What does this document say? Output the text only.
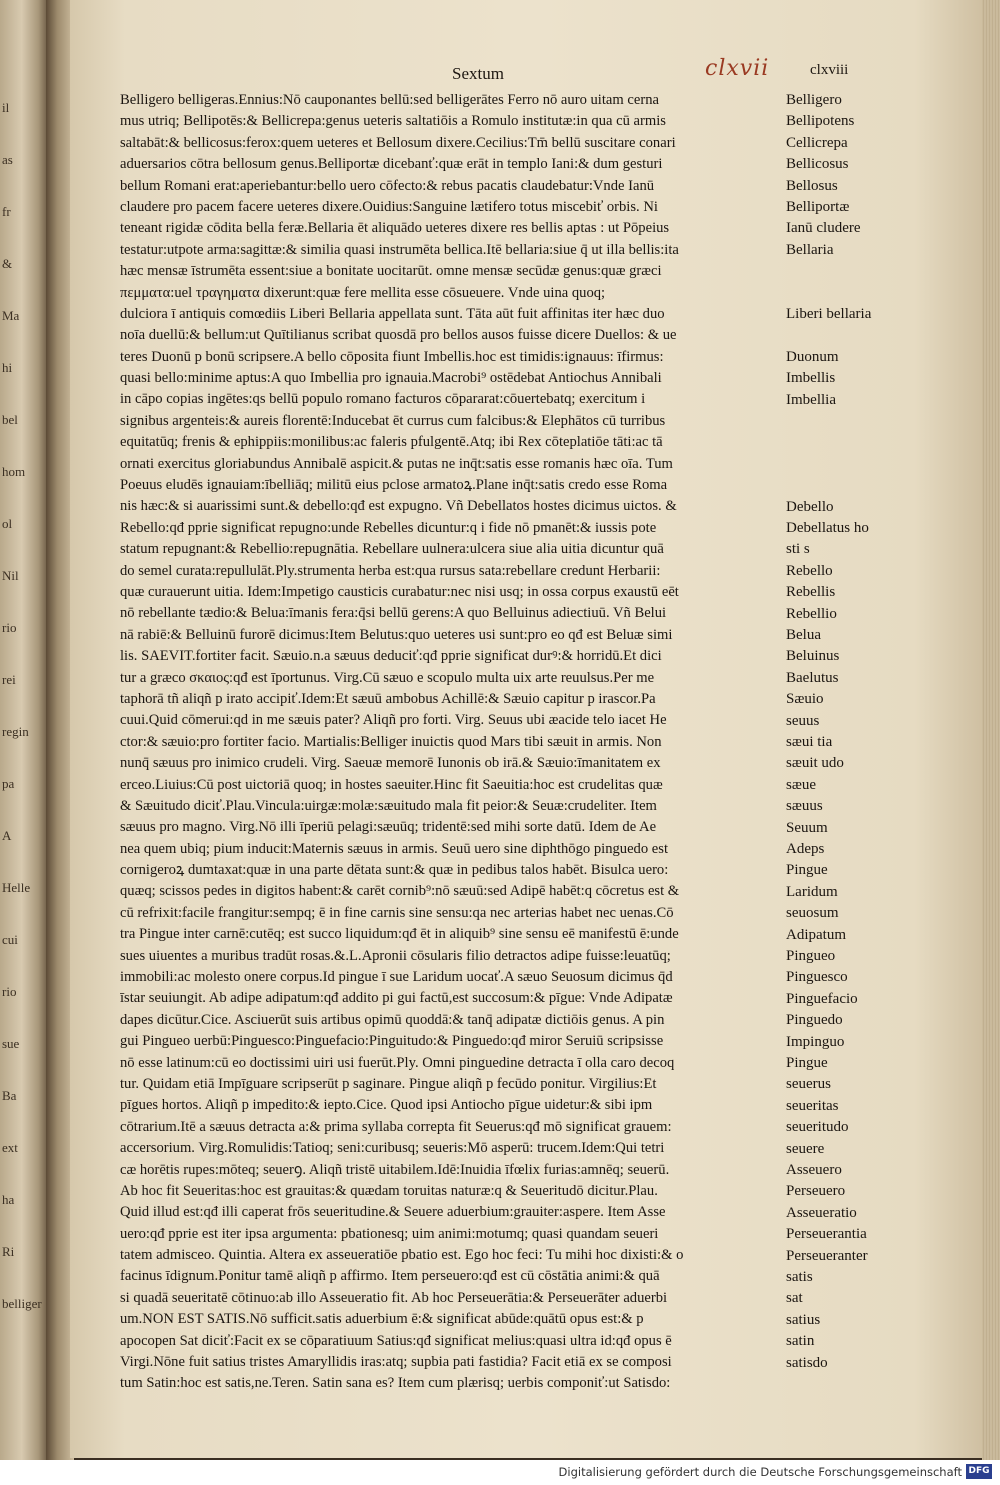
il
as
fr
&
Ma
hi
bel
hom
ol
Nil
rio
rei
regin
pa
A
Helle
cui
rio
sue
Ba
ext
ha
Ri
belliger
Sextum	clxvii	clxviii
Belligero belligeras.Ennius:Nō cauponantes bellū:sed belligerātes Ferro nō auro uitam cerna
mus utriq; Bellipotēs:& Bellicrepa:genus ueteris saltatiōis a Romulo institutæ:in qua cū armis
saltabāt:& bellicosus:ferox:quem ueteres et Bellosum dixere.Cecilius:Tm̄ bellū suscitare conari
aduersarios cōtra bellosum genus.Belliportæ dicebanť:quæ erāt in templo Iani:& dum gesturi
bellum Romani erat:aperiebantur:bello uero cōfecto:& rebus pacatis claudebatur:Vnde Ianū
claudere pro pacem facere ueteres dixere.Ouidius:Sanguine lætifero totus miscebiť orbis. Ni
teneant rigidæ cōdita bella feræ.Bellaria ēt aliquādo ueteres dixere res bellis aptas : ut Pōpeius
testatur:utpote arma:sagittæ:& similia quasi instrumēta bellica.Itē bellaria:siue q̄ ut illa bellis:ita
hæc mensæ īstrumēta essent:siue a bonitate uocitarūt. omne mensæ secūdæ genus:quæ græci
πεμματα:uel τραγηματα dixerunt:quæ fere mellita esse cōsueuere. Vnde uina quoq;
dulciora ī antiquis comœdiis Liberi Bellaria appellata sunt. Tāta aūt fuit affinitas iter hæc duo
noīa duellū:& bellum:ut Quītilianus scribat quosdā pro bellos ausos fuisse dicere Duellos: & ue
teres Duonū p bonū scripsere.A bello cōposita fiunt Imbellis.hoc est timidis:ignauus: īfirmus:
quasi bello:minime aptus:A quo Imbellia pro ignauia.Macrobi⁹ ostēdebat Antiochus Annibali
in cāpo copias ingētes:qs bellū populo romano facturos cōpararat:cōuertebatq; exercitum i
signibus argenteis:& aureis florentē:Inducebat ēt currus cum falcibus:& Elephātos cū turribus
equitatūq; frenis & ephippiis:monilibus:ac faleris pfulgentē.Atq; ibi Rex cōteplatiōe tāti:ac tā
ornati exercitus gloriabundus Annibalē aspicit.& putas ne inq̄t:satis esse romanis hæc oīa. Tum
Poeuus eludēs ignauiam:ībelliāq; militū eius pclose armatoꝝ.Plane inq̄t:satis credo esse Roma
nis hæc:& si auarissimi sunt.& debello:qđ est expugno. Vñ Debellatos hostes dicimus uictos. &
Rebello:qđ pprie significat repugno:unde Rebelles dicuntur:q i fide nō pmanēt:& iussis pote
statum repugnant:& Rebellio:repugnātia. Rebellare uulnera:ulcera siue alia uitia dicuntur quā
do semel curata:repullulāt.Ply.strumenta herba est:qua rursus sata:rebellare credunt Herbarii:
quæ curauerunt uitia. Idem:Impetigo causticis curabatur:nec nisi usq; in ossa corpus exaustū eēt
nō rebellante tædio:& Belua:īmanis fera:q̄si bellū gerens:A quo Belluinus adiectiuū. Vñ Belui
nā rabiē:& Belluinū furorē dicimus:Item Belutus:quo ueteres usi sunt:pro eo qđ est Beluæ simi
lis. SAEVIT.fortiter facit. Sæuio.n.a sæuus deduciť:qđ pprie significat durꝰ:& horridū.Et dici
tur a græco σκαιος:qđ est īportunus. Virg.Cū sæuo e scopulo multa uix arte reuulsus.Per me
taphorā tñ aliqñ p irato accipiť.Idem:Et sæuū ambobus Achillē:& Sæuio capitur p irascor.Pa
cuui.Quid cōmerui:qd in me sæuis pater? Aliqñ pro forti. Virg. Seuus ubi æacide telo iacet He
ctor:& sæuio:pro fortiter facio. Martialis:Belliger inuictis quod Mars tibi sæuit in armis. Non
nunq̄ sæuus pro inimico crudeli. Virg. Saeuæ memorē Iunonis ob irā.& Sæuio:īmanitatem ex
erceo.Liuius:Cū post uictoriā quoq; in hostes saeuiter.Hinc fit Saeuitia:hoc est crudelitas quæ
& Sæuitudo diciť.Plau.Vincula:uirgæ:molæ:sæuitudo mala fit peior:& Seuæ:crudeliter. Item
sæuus pro magno. Virg.Nō illi īperiū pelagi:sæuūq; tridentē:sed mihi sorte datū. Idem de Ae
nea quem ubiq; pium inducit:Maternis sæuus in armis. Seuū uero sine diphthōgo pinguedo est
cornigeroꝝ dumtaxat:quæ in una parte dētata sunt:& quæ in pedibus talos habēt. Bisulca uero:
quæq; scissos pedes in digitos habent:& carēt cornib⁹:nō sæuū:sed Adipē habēt:q cōcretus est &
cū refrixit:facile frangitur:sempq; ē in fine carnis sine sensu:qa nec arterias habet nec uenas.Cō
tra Pingue inter carnē:cutēq; est succo liquidum:qđ ēt in aliquib⁹ sine sensu eē manifestū ē:unde
sues uiuentes a muribus tradūt rosas.&.L.Apronii cōsularis filio detractos adipe fuisse:leuatūq;
immobili:ac molesto onere corpus.Id pingue ī sue Laridum uocať.A sæuo Seuosum dicimus q̄d
īstar seuiungit. Ab adipe adipatum:qđ addito pi gui factū,est succosum:& pīgue: Vnde Adipatæ
dapes dicūtur.Cice. Asciuerūt suis artibus opimū quoddā:& tanq̄ adipatæ dictiōis genus. A pin
gui Pingueo uerbū:Pinguesco:Pinguefacio:Pinguitudo:& Pinguedo:qđ miror Seruiū scripsisse
nō esse latinum:cū eo doctissimi uiri usi fuerūt.Ply. Omni pinguedine detracta ī olla caro decoq
tur. Quidam etiā Impīguare scripserūt p saginare. Pingue aliqñ p fecūdo ponitur. Virgilius:Et
pīgues hortos. Aliqñ p impedito:& iepto.Cice. Quod ipsi Antiocho pīgue uidetur:& sibi ipm
cōtrarium.Itē a sæuus detracta a:& prima syllaba correpta fit Seuerus:qđ mō significat grauem:
accersorium. Virg.Romulidis:Tatioq; seni:curibusq; seueris:Mō asperū: trucem.Idem:Qui tetri
cæ horētis rupes:mōteq; seuerꝯ. Aliqñ tristē uitabilem.Idē:Inuidia īfœlix furias:amnēq; seuerū.
Ab hoc fit Seueritas:hoc est grauitas:& quædam toruitas naturæ:q & Seueritudō dicitur.Plau.
Quid illud est:qđ illi caperat frōs seueritudine.& Seuere aduerbium:grauiter:aspere. Item Asse
uero:qđ pprie est iter ipsa argumenta: pbationesq; uim animi:motumq; quasi quandam seueri
tatem admisceo. Quintia. Altera ex asseueratiōe pbatio est. Ego hoc feci: Tu mihi hoc dixisti:& o
facinus īdignum.Ponitur tamē aliqñ p affirmo. Item perseuero:qđ est cū cōstātia animi:& quā
si quadā seueritatē cōtinuo:ab illo Asseueratio fit. Ab hoc Perseuerātia:& Perseuerāter aduerbi
um.NON EST SATIS.Nō sufficit.satis aduerbium ē:& significat abūde:quātū opus est:& p
apocopen Sat diciť:Facit ex se cōparatiuum Satius:qđ significat melius:quasi ultra id:qđ opus ē
Virgi.Nōne fuit satius tristes Amaryllidis iras:atq; supbia pati fastidia? Facit etiā ex se composi
tum Satin:hoc est satis,ne.Teren. Satin sana es? Item cum plærisq; uerbis componiť:ut Satisdo:
Belligero
Bellipotens
Cellicrepa
Bellicosus
Bellosus
Belliportæ
Ianū cludere
Bellaria
Liberi bellaria
Duonum
Imbellis
Imbellia
Debello
Debellatus ho
sti s
Rebello
Rebellis
Rebellio
Belua
Beluinus
Baelutus
Sæuio
seuus
sæui tia
sæuit udo
sæue
sæuus
Seuum
Adeps
Pingue
Laridum
seuosum
Adipatum
Pingueo
Pinguesco
Pinguefacio
Pinguedo
Impinguo
Pingue
seuerus
seueritas
seueritudo
seuere
Asseuero
Perseuero
Asseueratio
Perseuerantia
Perseueranter
satis
sat
satius
satin
satisdo
Digitalisierung gefördert durch die Deutsche Forschungsgemeinschaft DFG
